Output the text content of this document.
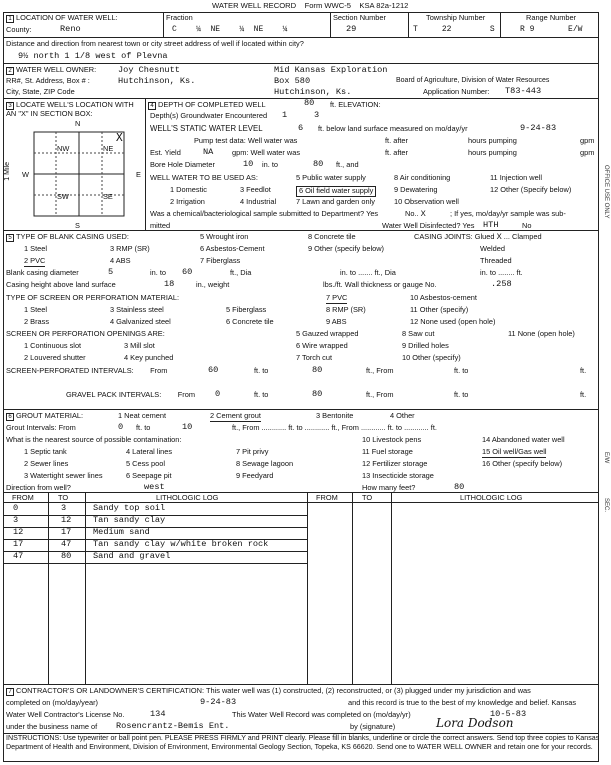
WATER WELL RECORD Form WWC-5 KSA 82a-1212
1 LOCATION OF WATER WELL:
County:	Reno
Fraction
C ¼ NE ¼ NE ¼
Section Number
29
Township Number
T	22	S
Range Number
R 9	E/W
Distance and direction from nearest town or city street address of well if located within city?
9½ north 1 1/8 west of Plevna
2 WATER WELL OWNER:
RR#, St. Address, Box # :
City, State, ZIP Code
Joy Chesnutt
Hutchinson, Ks.
Mid Kansas Exploration
Box 580
Hutchinson, Ks.
Board of Agriculture, Division of Water Resources
Application Number: T83-443
3 LOCATE WELL'S LOCATION WITH AN "X" IN SECTION BOX:
N
S
W	E
NW	NE
SW	SE
X
1 Mile
4 DEPTH OF COMPLETED WELL	80 ft. ELEVATION:
Depth(s) Groundwater Encountered 1	3
WELL'S STATIC WATER LEVEL	6 ft. below land surface measured on mo/day/yr	9-24-83
Pump test data: Well water was	ft. after	hours pumping	gpm
Est. Yield	NA	gpm: Well water was	ft. after	hours pumping	gpm
Bore Hole Diameter	10 in. to	80 ft., and
WELL WATER TO BE USED AS:
1 Domestic
2 Irrigation
3 Feedlot
4 Industrial
5 Public water supply
6 Oil field water supply
7 Lawn and garden only
8 Air conditioning
9 Dewatering
10 Observation well
11 Injection well
12 Other (Specify below)
Was a chemical/bacteriological sample submitted to Department? Yes	No.. X	; If yes, mo/day/yr sample was sub-
mitted	Water Well Disinfected? Yes HTH	No
5 TYPE OF BLANK CASING USED:
1 Steel
2 PVC
3 RMP (SR)
4 ABS
5 Wrought iron
6 Asbestos-Cement
7 Fiberglass
8 Concrete tile
9 Other (specify below)
CASING JOINTS: Glued X ... Clamped
Welded
Threaded
Blank casing diameter	5	in. to 60	ft., Dia	in. to ....... ft., Dia	in. to ........ ft.
Casing height above land surface	18	in., weight	lbs./ft. Wall thickness or gauge No.	.258
TYPE OF SCREEN OR PERFORATION MATERIAL:
1 Steel
2 Brass
3 Stainless steel
4 Galvanized steel
5 Fiberglass
6 Concrete tile
7 PVC
8 RMP (SR)
9 ABS
10 Asbestos-cement
11 Other (specify)
12 None used (open hole)
SCREEN OR PERFORATION OPENINGS ARE:
1 Continuous slot
2 Louvered shutter
3 Mill slot
4 Key punched
5 Gauzed wrapped
6 Wire wrapped
7 Torch cut
8 Saw cut
9 Drilled holes
10 Other (specify)
11 None (open hole)
SCREEN-PERFORATED INTERVALS: From	60	ft. to	80	ft., From	ft. to	ft.
GRAVEL PACK INTERVALS: From 0	ft. to	80	ft., From	ft. to	ft.
6 GROUT MATERIAL:	1 Neat cement	2 Cement grout	3 Bentonite	4 Other
Grout Intervals: From	0 ft. to	10	ft., From ............ ft. to ............ ft., From ............ ft. to ............ ft.
What is the nearest source of possible contamination:
1 Septic tank
2 Sewer lines
3 Watertight sewer lines
4 Lateral lines
5 Cess pool
6 Seepage pit
7 Pit privy
8 Sewage lagoon
9 Feedyard
10 Livestock pens
11 Fuel storage
12 Fertilizer storage
13 Insecticide storage
14 Abandoned water well
15 Oil well/Gas well
16 Other (specify below)
Direction from well?	west	How many feet?	80
FROM	TO	LITHOLOGIC LOG	FROM	TO	LITHOLOGIC LOG
0	3	Sandy top soil
3	12	Tan sandy clay
12	17	Medium sand
17	47	Tan sandy clay w/white broken rock
47	80	Sand and gravel
7 CONTRACTOR'S OR LANDOWNER'S CERTIFICATION: This water well was (1) constructed, (2) reconstructed, or (3) plugged under my jurisdiction and was
completed on (mo/day/year)	9-24-83	and this record is true to the best of my knowledge and belief. Kansas
Water Well Contractor's License No.	134	This Water Well Record was completed on (mo/day/yr)	10-5-83
under the business name of Rosencrantz-Bemis Ent.	by (signature)	Lora Dodson
INSTRUCTIONS: Use typewriter or ball point pen. PLEASE PRESS FIRMLY and PRINT clearly. Please fill in blanks, underline or circle the correct answers. Send top three copies to Kansas Department of Health and Environment, Division of Environment, Environmental Geology Section, Topeka, KS 66620. Send one to WATER WELL OWNER and retain one for your records.
OFFICE USE ONLY
E/W
SEC.
